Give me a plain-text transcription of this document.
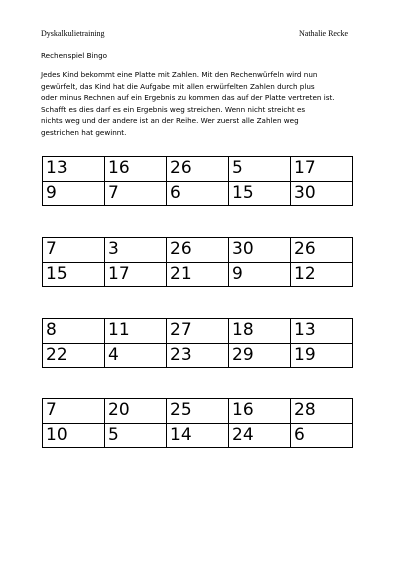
Dyskalkulietraining	Nathalie Recke
Rechenspiel Bingo
Jedes Kind bekommt eine Platte mit Zahlen. Mit den Rechenwürfeln wird nun
gewürfelt, das Kind hat die Aufgabe mit allen erwürfelten Zahlen durch plus
oder minus Rechnen auf ein Ergebnis zu kommen das auf der Platte vertreten ist.
Schafft es dies darf es ein Ergebnis weg streichen. Wenn nicht streicht es
nichts weg und der andere ist an der Reihe. Wer zuerst alle Zahlen weg
gestrichen hat gewinnt.
13	16	26	5	17
9	7	6	15	30
7	3	26	30	26
15	17	21	9	12
8	11	27	18	13
22	4	23	29	19
7	20	25	16	28
10	5	14	24	6
